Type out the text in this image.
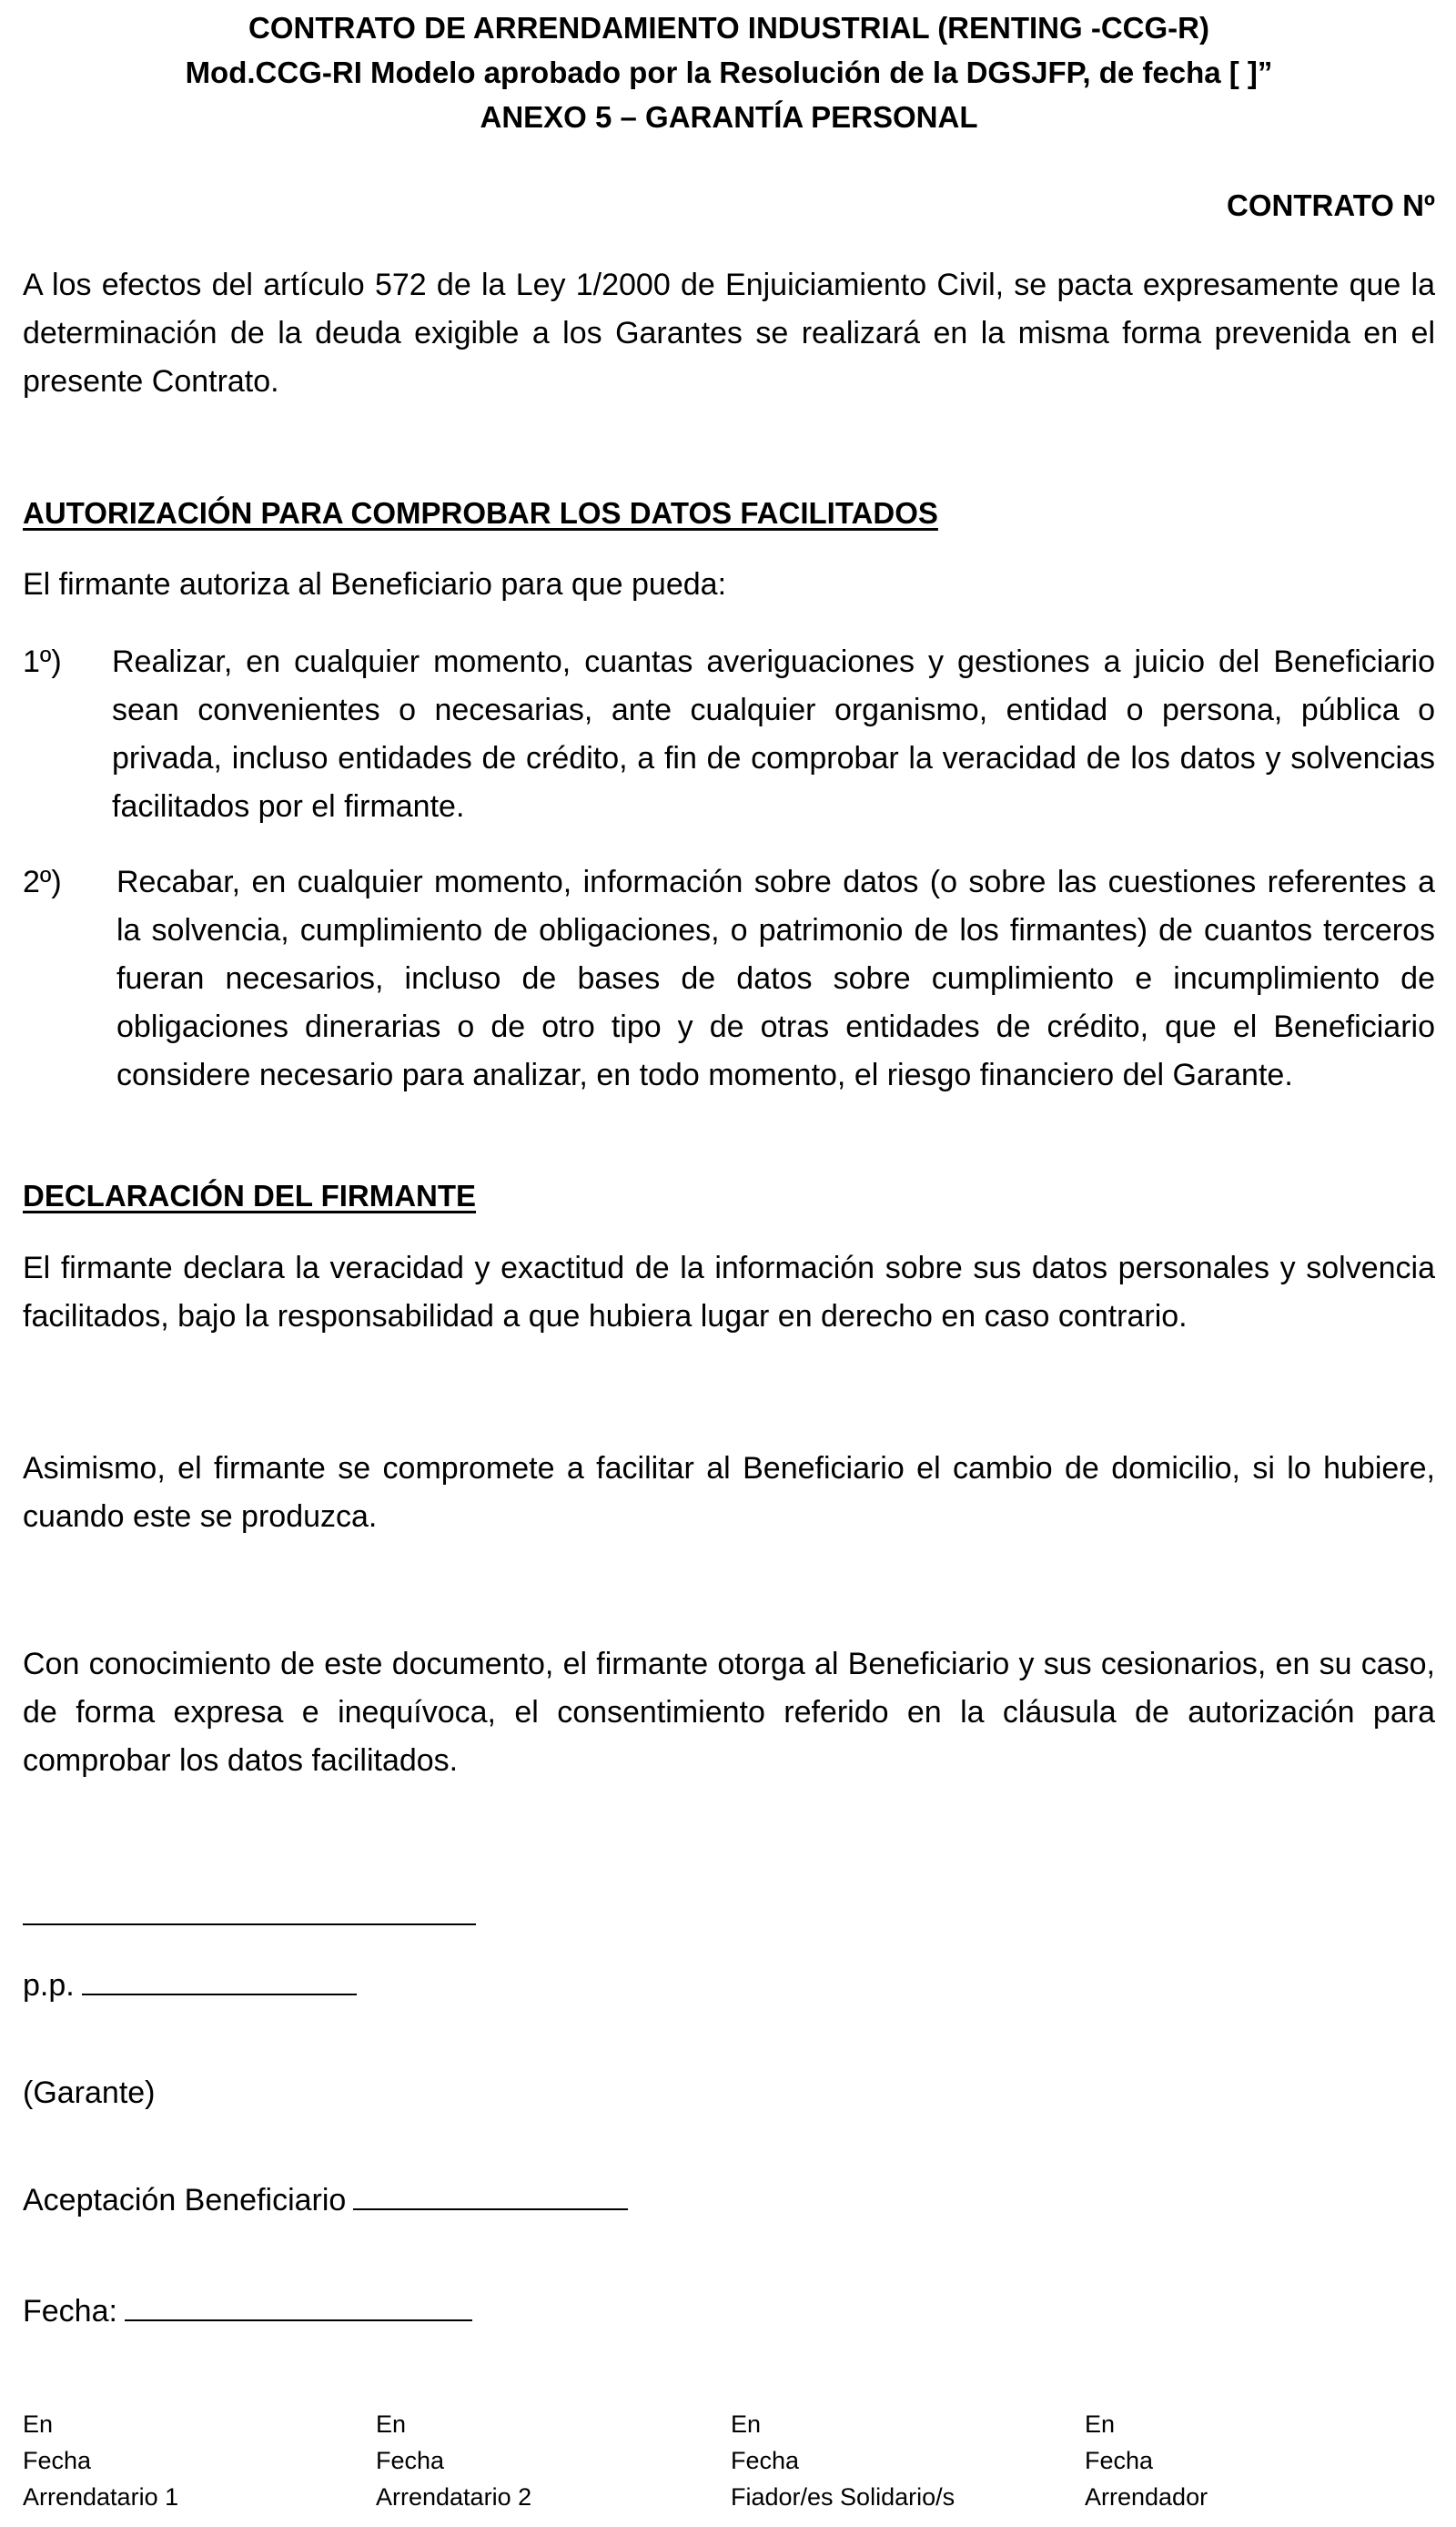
CONTRATO DE ARRENDAMIENTO INDUSTRIAL (RENTING -CCG-R)
Mod.CCG-RI Modelo aprobado por la Resolución de la DGSJFP, de fecha [ ]”
ANEXO 5 – GARANTÍA PERSONAL
CONTRATO Nº

A los efectos del artículo 572 de la Ley 1/2000 de Enjuiciamiento Civil, se pacta expresamente que la determinación de la deuda exigible a los Garantes se realizará en la misma forma prevenida en el presente Contrato.

AUTORIZACIÓN PARA COMPROBAR LOS DATOS FACILITADOS

El firmante autoriza al Beneficiario para que pueda:

1º) Realizar, en cualquier momento, cuantas averiguaciones y gestiones a juicio del Beneficiario sean convenientes o necesarias, ante cualquier organismo, entidad o persona, pública o privada, incluso entidades de crédito, a fin de comprobar la veracidad de los datos y solvencias facilitados por el firmante.

2º) Recabar, en cualquier momento, información sobre datos (o sobre las cuestiones referentes a la solvencia, cumplimiento de obligaciones, o patrimonio de los firmantes) de cuantos terceros fueran necesarios, incluso de bases de datos sobre cumplimiento e incumplimiento de obligaciones dinerarias o de otro tipo y de otras entidades de crédito, que el Beneficiario considere necesario para analizar, en todo momento, el riesgo financiero del Garante.

DECLARACIÓN DEL FIRMANTE

El firmante declara la veracidad y exactitud de la información sobre sus datos personales y solvencia facilitados, bajo la responsabilidad a que hubiera lugar en derecho en caso contrario.

Asimismo, el firmante se compromete a facilitar al Beneficiario el cambio de domicilio, si lo hubiere, cuando este se produzca.

Con conocimiento de este documento, el firmante otorga al Beneficiario y sus cesionarios, en su caso, de forma expresa e inequívoca, el consentimiento referido en la cláusula de autorización para comprobar los datos facilitados.

p.p.
(Garante)
Aceptación Beneficiario
Fecha:
En
Fecha
Arrendatario 1
En
Fecha
Arrendatario 2
En
Fecha
Fiador/es Solidario/s
En
Fecha
Arrendador
